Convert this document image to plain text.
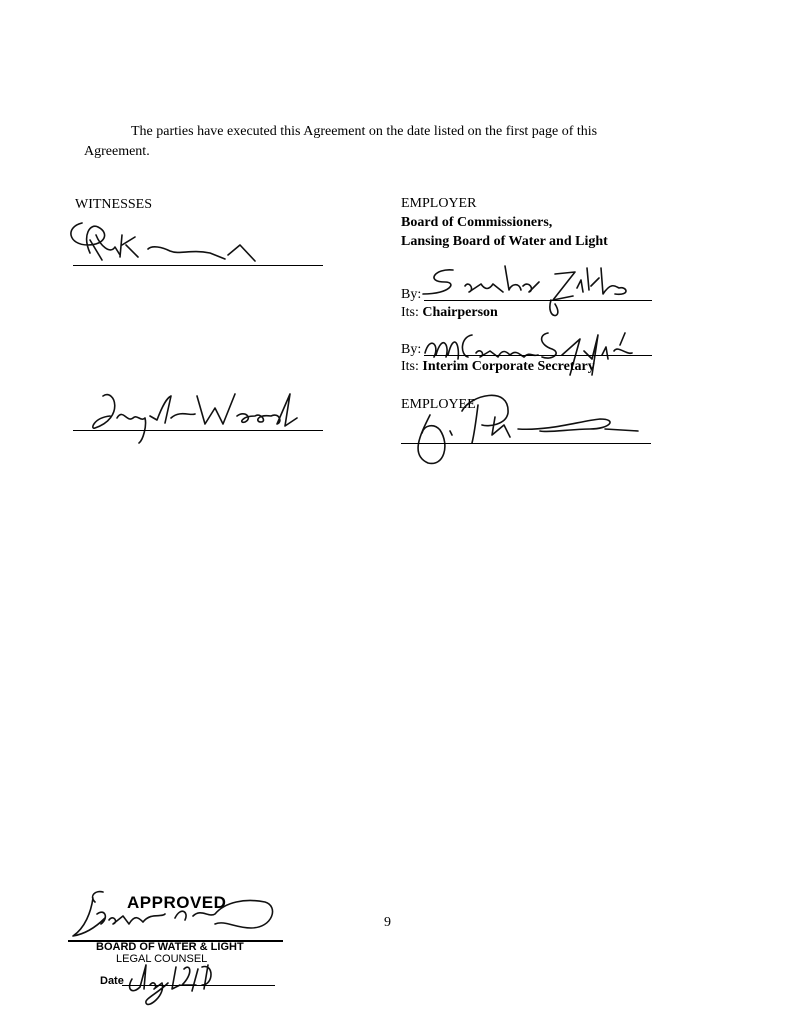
The parties have executed this Agreement on the date listed on the first page of this
Agreement.
WITNESSES	EMPLOYER
Board of Commissioners,
Lansing Board of Water and Light
By:
Its: Chairperson
By:
Its: Interim Corporate Secretary
EMPLOYEE
9
APPROVED
BOARD OF WATER & LIGHT
LEGAL COUNSEL
Date
